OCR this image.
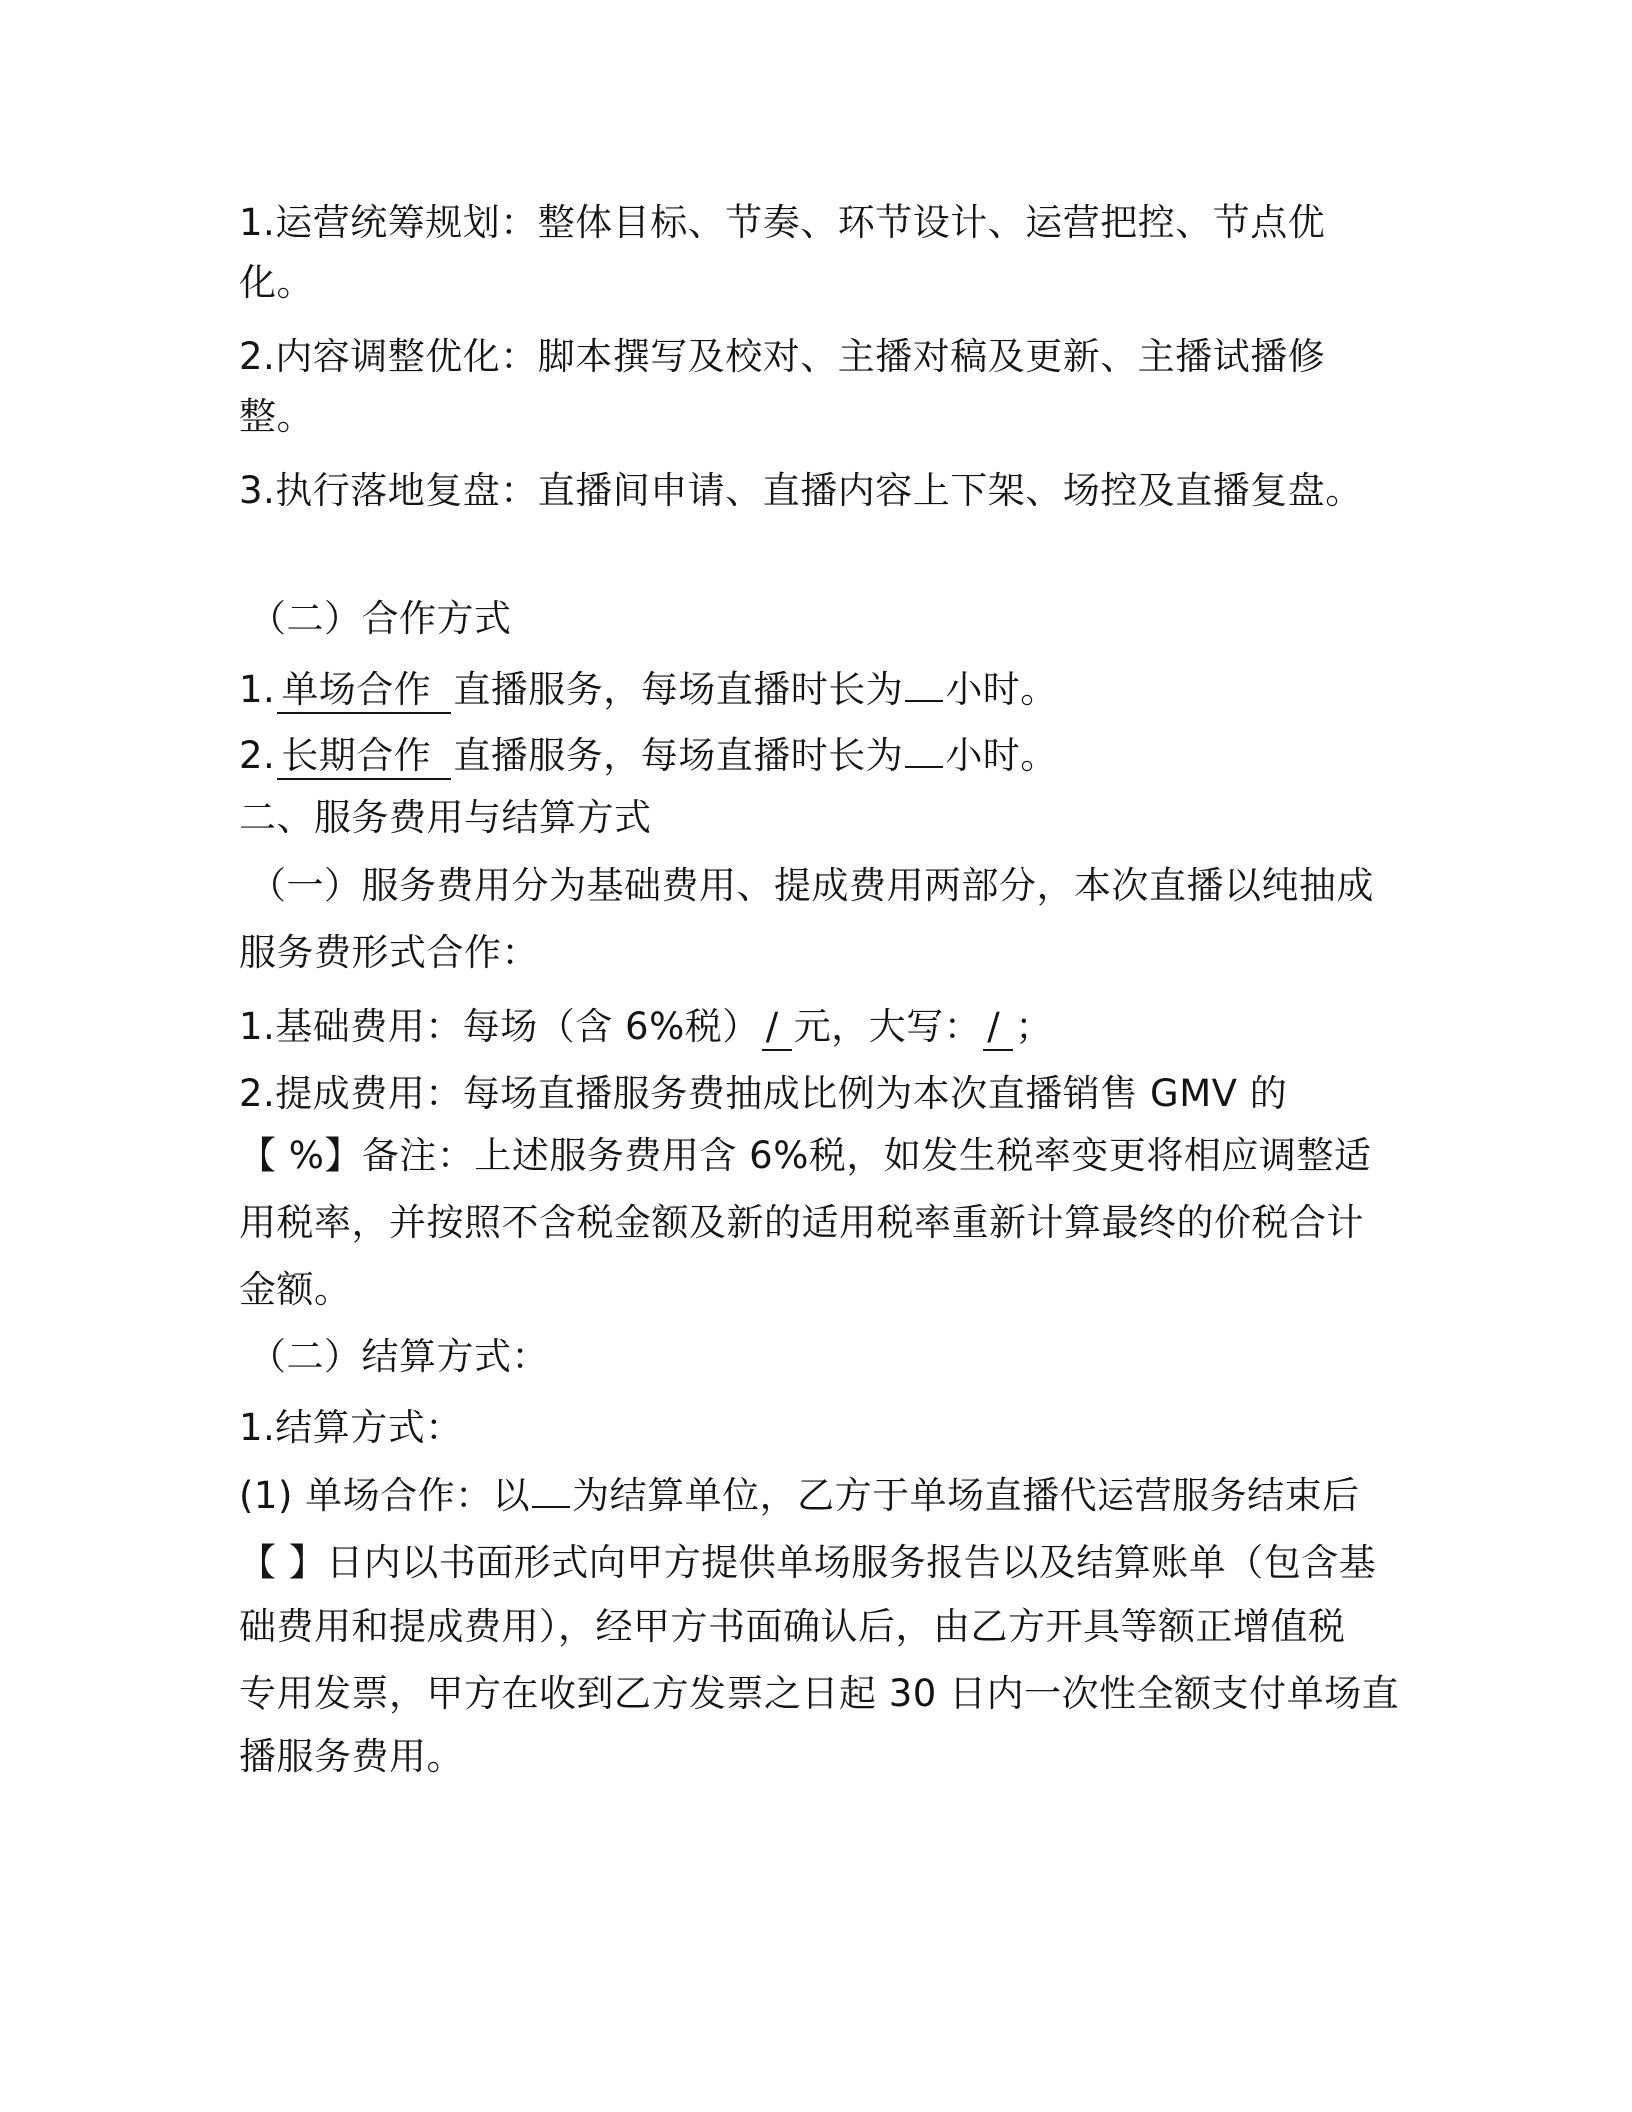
1.运营统筹规划：整体目标、节奏、环节设计、运营把控、节点优
化。
2.内容调整优化：脚本撰写及校对、主播对稿及更新、主播试播修
整。
3.执行落地复盘：直播间申请、直播内容上下架、场控及直播复盘。
（二）合作方式
1. 单场合作 直播服务，每场直播时长为 小时。
2. 长期合作 直播服务，每场直播时长为 小时。
二、服务费用与结算方式
（一）服务费用分为基础费用、提成费用两部分，本次直播以纯抽成
服务费形式合作：
1.基础费用：每场（含 6%税） / 元，大写： / ；
2.提成费用：每场直播服务费抽成比例为本次直播销售 GMV 的
【 %】备注：上述服务费用含 6%税，如发生税率变更将相应调整适
用税率，并按照不含税金额及新的适用税率重新计算最终的价税合计
金额。
（二）结算方式：
1.结算方式：
(1) 单场合作：以 为结算单位，乙方于单场直播代运营服务结束后
【 】日内以书面形式向甲方提供单场服务报告以及结算账单（包含基
础费用和提成费用），经甲方书面确认后，由乙方开具等额正增值税
专用发票，甲方在收到乙方发票之日起 30 日内一次性全额支付单场直
播服务费用。
